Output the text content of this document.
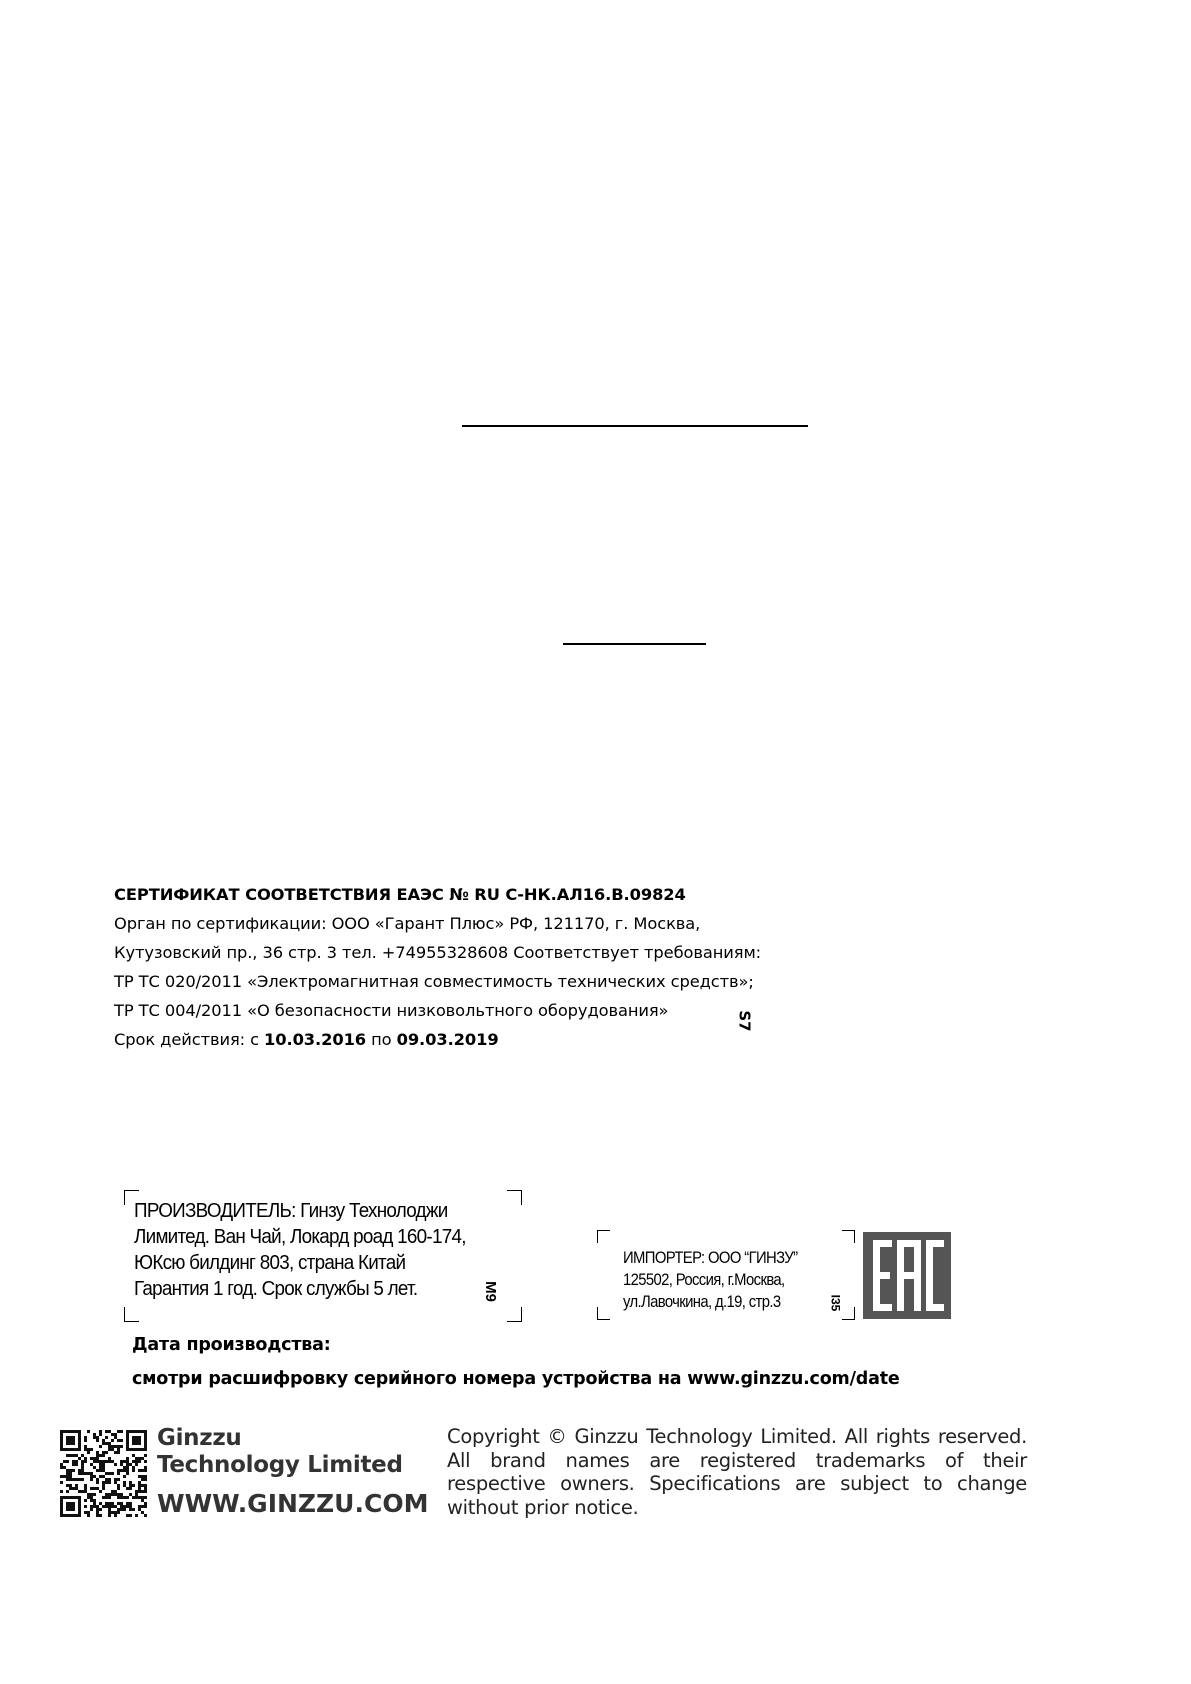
СЕРТИФИКАТ СООТВЕТСТВИЯ ЕАЭС № RU С-НК.АЛ16.В.09824
Орган по сертификации: ООО «Гарант Плюс» РФ, 121170, г. Москва,
Кутузовский пр., 36 стр. 3 тел. +74955328608 Соответствует требованиям:
ТР ТС 020/2011 «Электромагнитная совместимость технических средств»;
ТР ТС 004/2011 «О безопасности низковольтного оборудования»
Срок действия: с 10.03.2016 по 09.03.2019
S7
ПРОИЗВОДИТЕЛЬ: Гинзу Технолоджи
Лимитед. Ван Чай, Локард роад 160-174,
ЮКсю билдинг 803, страна Китай
Гарантия 1 год. Срок службы 5 лет.	M9
ИМПОРТЕР: ООО “ГИНЗУ”
125502, Россия, г.Москва,
ул.Лавочкина, д.19, стр.3	I35
Дата производства:
смотри расшифровку серийного номера устройства на www.ginzzu.com/date
Ginzzu
Technology Limited
WWW.GINZZU.COM
Copyright © Ginzzu Technology Limited. All rights reserved. All brand names are registered trademarks of their respective owners. Specifications are subject to change without prior notice.
